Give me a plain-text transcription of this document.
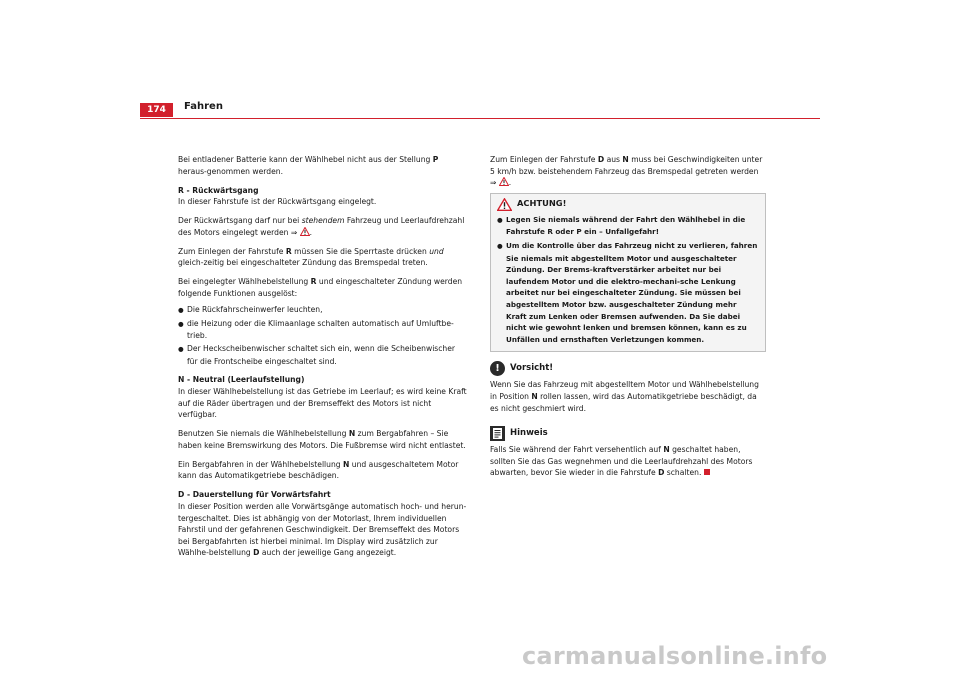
174	Fahren

Bei entladener Batterie kann der Wählhebel nicht aus der Stellung P heraus-genommen werden.

R - Rückwärtsgang

In dieser Fahrstufe ist der Rückwärtsgang eingelegt.

Der Rückwärtsgang darf nur bei stehendem Fahrzeug und Leerlaufdrehzahl des Motors eingelegt werden ⇒ .

Zum Einlegen der Fahrstufe R müssen Sie die Sperrtaste drücken und gleich-zeitig bei eingeschalteter Zündung das Bremspedal treten.

Bei eingelegter Wählhebelstellung R und eingeschalteter Zündung werden folgende Funktionen ausgelöst:

● Die Rückfahrscheinwerfer leuchten,
● die Heizung oder die Klimaanlage schalten automatisch auf Umluftbe-trieb.
● Der Heckscheibenwischer schaltet sich ein, wenn die Scheibenwischer für die Frontscheibe eingeschaltet sind.

N - Neutral (Leerlaufstellung)

In dieser Wählhebelstellung ist das Getriebe im Leerlauf; es wird keine Kraft auf die Räder übertragen und der Bremseffekt des Motors ist nicht verfügbar.

Benutzen Sie niemals die Wählhebelstellung N zum Bergabfahren – Sie haben keine Bremswirkung des Motors. Die Fußbremse wird nicht entlastet.

Ein Bergabfahren in der Wählhebelstellung N und ausgeschaltetem Motor kann das Automatikgetriebe beschädigen.

D - Dauerstellung für Vorwärtsfahrt

In dieser Position werden alle Vorwärtsgänge automatisch hoch- und herun-tergeschaltet. Dies ist abhängig von der Motorlast, Ihrem individuellen Fahrstil und der gefahrenen Geschwindigkeit. Der Bremseffekt des Motors bei Bergabfahrten ist hierbei minimal. Im Display wird zusätzlich zur Wählhe-belstellung D auch der jeweilige Gang angezeigt.

Zum Einlegen der Fahrstufe D aus N muss bei Geschwindigkeiten unter 5 km/h bzw. beistehendem Fahrzeug das Bremspedal getreten werden ⇒ .

ACHTUNG!
● Legen Sie niemals während der Fahrt den Wählhebel in die Fahrstufe R oder P ein – Unfallgefahr!
● Um die Kontrolle über das Fahrzeug nicht zu verlieren, fahren Sie niemals mit abgestelltem Motor und ausgeschalteter Zündung. Der Brems-kraftverstärker arbeitet nur bei laufendem Motor und die elektro-mechani-sche Lenkung arbeitet nur bei eingeschalteter Zündung. Sie müssen bei abgestelltem Motor bzw. ausgeschalteter Zündung mehr Kraft zum Lenken oder Bremsen aufwenden. Da Sie dabei nicht wie gewohnt lenken und bremsen können, kann es zu Unfällen und ernsthaften Verletzungen kommen.
!	Vorsicht!

Wenn Sie das Fahrzeug mit abgestelltem Motor und Wählhebelstellung in Position N rollen lassen, wird das Automatikgetriebe beschädigt, da es nicht geschmiert wird.

Hinweis

Falls Sie während der Fahrt versehentlich auf N geschaltet haben, sollten Sie das Gas wegnehmen und die Leerlaufdrehzahl des Motors abwarten, bevor Sie wieder in die Fahrstufe D schalten.

carmanualsonline.info
